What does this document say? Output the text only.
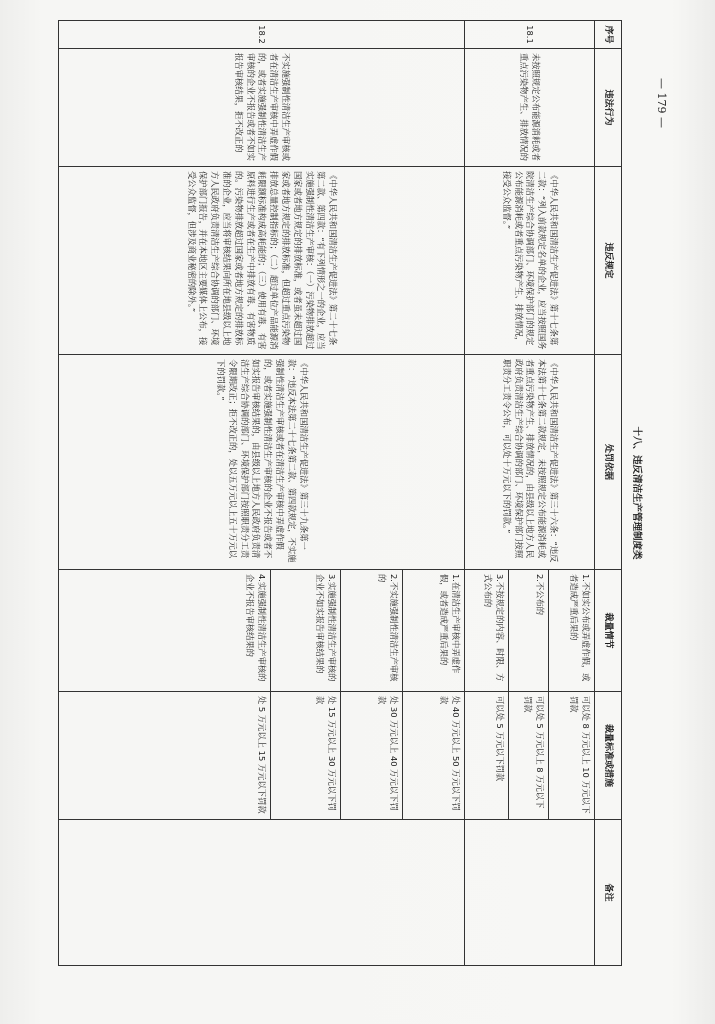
— 179 —
十八、违反清洁生产管理制度类						
序号	违法行为	违反规定	处罚依据	裁量情节	裁量标准或措施	备注
18.1	未按照规定公布能源消耗或者重点污染物产生、排放情况的	《中华人民共和国清洁生产促进法》第十七条第二款：“列入前款规定名单的企业，应当按照国务院清洁生产综合协调部门、环境保护部门的规定公布能源消耗或者重点污染物产生、排放情况，接受公众监督。”	《中华人民共和国清洁生产促进法》第三十六条：“违反本法第十七条第二款规定，未按照规定公布能源消耗或者重点污染物产生、排放情况的，由县级以上地方人民政府负责清洁生产综合协调的部门、环境保护部门按照职责分工责令公布，可以处十万元以下的罚款。”	1.不如实公布或弄虚作假，或者造成严重后果的	可以处 8 万元以上 10 万元以下罚款	
				2.不公布的	可以处 5 万元以上 8 万元以下罚款	
				3.不按规定的内容、时限、方式公布的	可以处 5 万元以下罚款	
18.2	不实施强制性清洁生产审核或者在清洁生产审核中弄虚作假的，或者实施强制性清洁生产审核的企业不报告或者不如实报告审核结果，拒不改正的	《中华人民共和国清洁生产促进法》第二十七条第二款、第四款：“有下列情形之一的企业，应当实施强制性清洁生产审核：（一）污染物排放超过国家或者地方规定的排放标准，或者虽未超过国家或者地方规定的排放标准，但超过重点污染物排放总量控制指标的；（二）超过单位产品能源消耗限额标准构成高耗能的；（三）使用有毒、有害原料进行生产或者在生产中排放有毒、有害物质的。污染物排放超过国家或者地方规定的排放标准的企业，应当将审核结果向所在地县级以上地方人民政府负责清洁生产综合协调的部门、环境保护部门报告，并在本地区主要媒体上公布，接受公众监督，但涉及商业秘密的除外。”	《中华人民共和国清洁生产促进法》第三十九条第一款：“违反本法第二十七条第二款、第四款规定，不实施强制性清洁生产审核或者在清洁生产审核中弄虚作假的，或者实施强制性清洁生产审核的企业不报告或者不如实报告审核结果的，由县级以上地方人民政府负责清洁生产综合协调的部门、环境保护部门按照职责分工责令限期改正；拒不改正的，处以五万元以上五十万元以下的罚款。”	1.在清洁生产审核中弄虚作假，或者造成严重后果的	处 40 万元以上 50 万元以下罚款	
				2.不实施强制性清洁生产审核的	处 30 万元以上 40 万元以下罚款	
				3.实施强制性清洁生产审核的企业不如实报告审核结果的	处 15 万元以上 30 万元以下罚款	
				4.实施强制性清洁生产审核的企业不报告审核结果的	处 5 万元以上 15 万元以下罚款	
